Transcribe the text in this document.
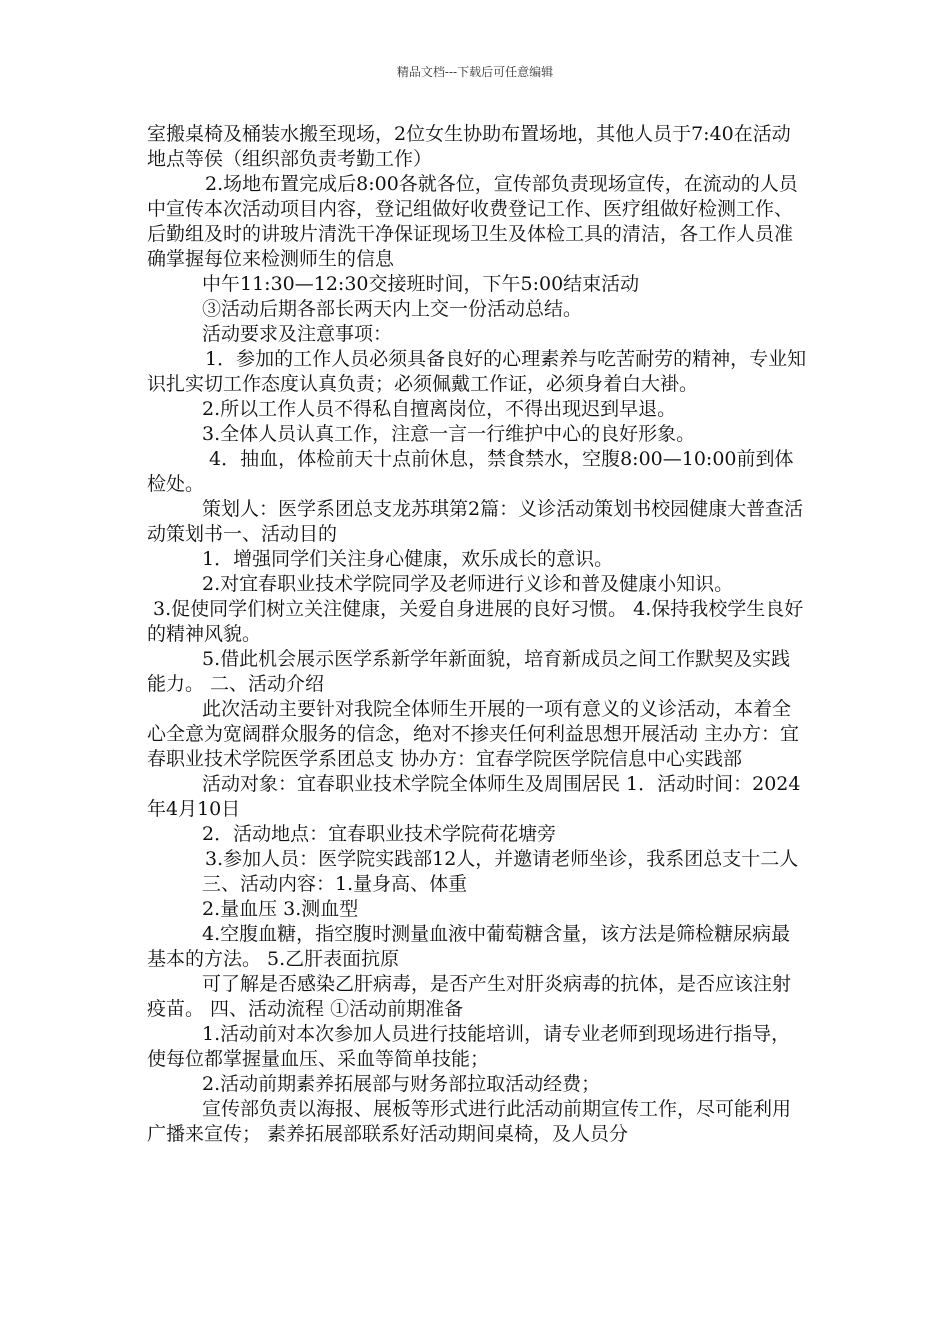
精品文档---下载后可任意编辑

室搬桌椅及桶装水搬至现场，2位女生协助布置场地，其他人员于7:40在活动地点等侯（组织部负责考勤工作）

2.场地布置完成后8:00各就各位，宣传部负责现场宣传，在流动的人员中宣传本次活动项目内容，登记组做好收费登记工作、医疗组做好检测工作、后勤组及时的讲玻片清洗干净保证现场卫生及体检工具的清洁，各工作人员准确掌握每位来检测师生的信息

中午11:30—12:30交接班时间，下午5:00结束活动

③活动后期各部长两天内上交一份活动总结。

活动要求及注意事项：

1．参加的工作人员必须具备良好的心理素养与吃苦耐劳的精神，专业知识扎实切工作态度认真负责；必须佩戴工作证，必须身着白大褂。

2.所以工作人员不得私自擅离岗位，不得出现迟到早退。

3.全体人员认真工作，注意一言一行维护中心的良好形象。

4．抽血，体检前天十点前休息，禁食禁水，空腹8:00—10:00前到体检处。

策划人：医学系团总支龙苏琪第2篇：义诊活动策划书校园健康大普查活动策划书一、活动目的

1．增强同学们关注身心健康，欢乐成长的意识。

2.对宜春职业技术学院同学及老师进行义诊和普及健康小知识。

3.促使同学们树立关注健康，关爱自身进展的良好习惯。 4.保持我校学生良好的精神风貌。

5.借此机会展示医学系新学年新面貌，培育新成员之间工作默契及实践能力。 二、活动介绍

此次活动主要针对我院全体师生开展的一项有意义的义诊活动，本着全心全意为宽阔群众服务的信念，绝对不掺夹任何利益思想开展活动 主办方：宜春职业技术学院医学系团总支 协办方：宜春学院医学院信息中心实践部

活动对象：宜春职业技术学院全体师生及周围居民 1．活动时间：2024年4月10日

2．活动地点：宜春职业技术学院荷花塘旁

3.参加人员：医学院实践部12人，并邀请老师坐诊，我系团总支十二人

三、活动内容：1.量身高、体重

2.量血压 3.测血型

4.空腹血糖，指空腹时测量血液中葡萄糖含量，该方法是筛检糖尿病最基本的方法。 5.乙肝表面抗原

可了解是否感染乙肝病毒，是否产生对肝炎病毒的抗体，是否应该注射疫苗。 四、活动流程 ①活动前期准备

1.活动前对本次参加人员进行技能培训，请专业老师到现场进行指导，使每位都掌握量血压、采血等简单技能；

2.活动前期素养拓展部与财务部拉取活动经费；

宣传部负责以海报、展板等形式进行此活动前期宣传工作，尽可能利用广播来宣传； 素养拓展部联系好活动期间桌椅，及人员分
